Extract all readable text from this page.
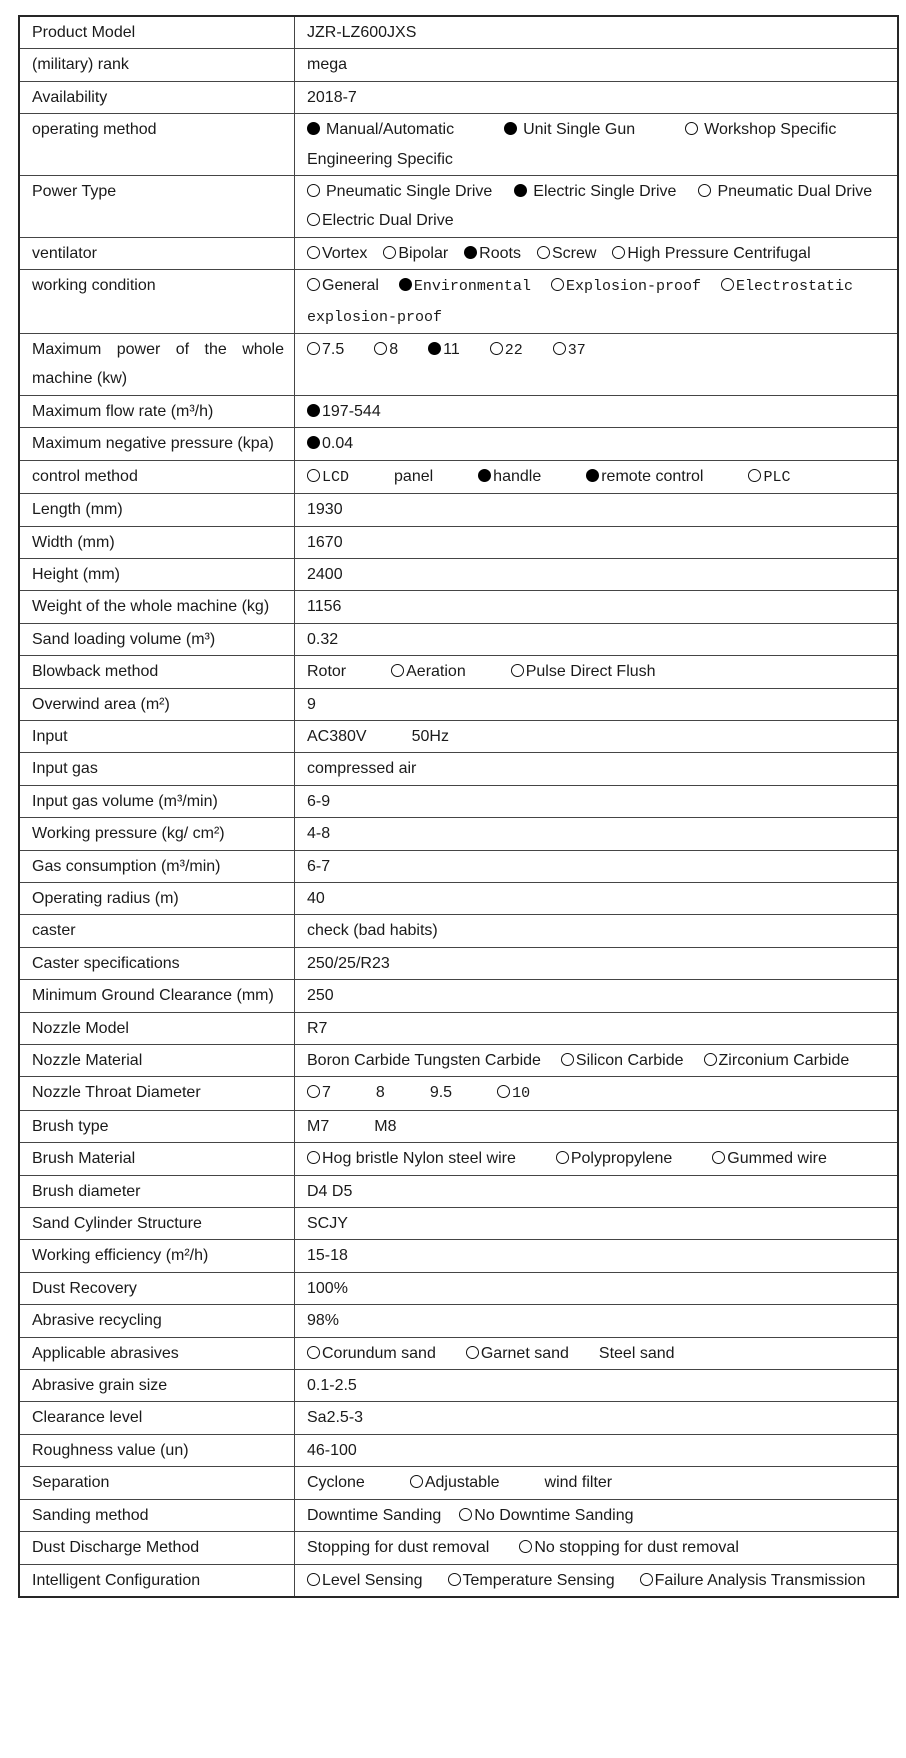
Product Model	JZR-LZ600JXS
(military) rank	mega
Availability	2018-7
operating method	Manual/Automatic Unit Single Gun Workshop Specific Engineering Specific
Power Type	Pneumatic Single Drive Electric Single Drive Pneumatic Dual DriveElectric Dual Drive
ventilator	Vortex Bipolar Roots Screw High Pressure Centrifugal
working condition	General Environmental Explosion-proof Electrostatic explosion-proof
Maximum power of the whole machine (kw)	7.5 8 11 22 37
Maximum flow rate (m³/h)	197-544
Maximum negative pressure (kpa)	0.04
control method	LCD panel handle remote control PLC
Length (mm)	1930
Width (mm)	1670
Height (mm)	2400
Weight of the whole machine (kg)	1156
Sand loading volume (m³)	0.32
Blowback method	Rotor Aeration Pulse Direct Flush
Overwind area (m²)	9
Input	AC380V 50Hz
Input gas	compressed air
Input gas volume (m³/min)	6-9
Working pressure (kg/ cm²)	4-8
Gas consumption (m³/min)	6-7
Operating radius (m)	40
caster	check (bad habits)
Caster specifications	250/25/R23
Minimum Ground Clearance (mm)	250
Nozzle Model	R7
Nozzle Material	Boron Carbide Tungsten Carbide Silicon Carbide Zirconium Carbide
Nozzle Throat Diameter	7 8 9.5 10
Brush type	M7 M8
Brush Material	Hog bristle Nylon steel wire Polypropylene Gummed wire
Brush diameter	D4 D5
Sand Cylinder Structure	SCJY
Working efficiency (m²/h)	15-18
Dust Recovery	100%
Abrasive recycling	98%
Applicable abrasives	Corundum sand Garnet sand Steel sand
Abrasive grain size	0.1-2.5
Clearance level	Sa2.5-3
Roughness value (un)	46-100
Separation	Cyclone Adjustable wind filter
Sanding method	Downtime Sanding No Downtime Sanding
Dust Discharge Method	Stopping for dust removal No stopping for dust removal
Intelligent Configuration	Level Sensing Temperature Sensing Failure Analysis Transmission
